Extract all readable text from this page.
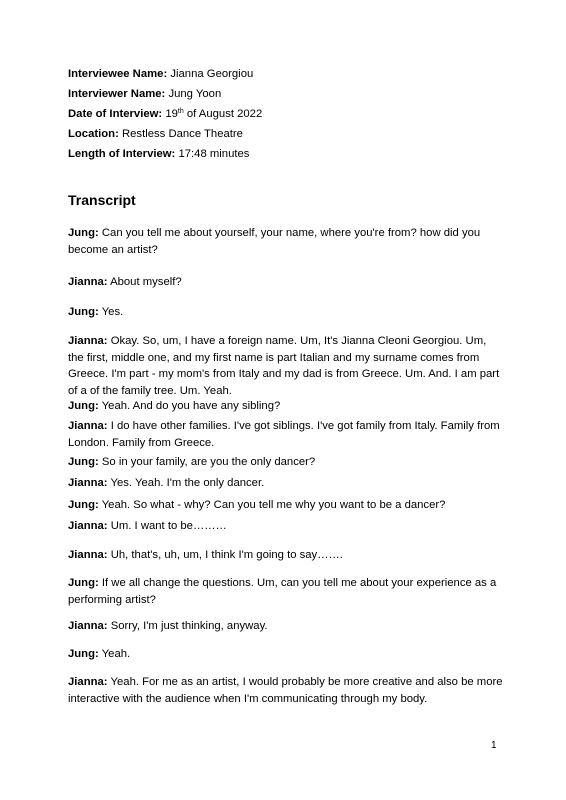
Interviewee Name: Jianna Georgiou
Interviewer Name: Jung Yoon
Date of Interview: 19th of August 2022
Location: Restless Dance Theatre
Length of Interview: 17:48 minutes
Transcript
Jung: Can you tell me about yourself, your name, where you're from? how did you become an artist?
Jianna: About myself?
Jung: Yes.
Jianna: Okay. So, um, I have a foreign name. Um, It's Jianna Cleoni Georgiou. Um, the first, middle one, and my first name is part Italian and my surname comes from Greece. I'm part - my mom's from Italy and my dad is from Greece. Um. And. I am part of a of the family tree. Um. Yeah.
Jung: Yeah. And do you have any sibling?
Jianna: I do have other families. I've got siblings. I've got family from Italy. Family from London. Family from Greece.
Jung: So in your family, are you the only dancer?
Jianna: Yes. Yeah. I'm the only dancer.
Jung: Yeah. So what - why? Can you tell me why you want to be a dancer?
Jianna: Um. I want to be………
Jianna: Uh, that's, uh, um, I think I'm going to say…….
Jung: If we all change the questions. Um, can you tell me about your experience as a performing artist?
Jianna: Sorry, I'm just thinking, anyway.
Jung: Yeah.
Jianna: Yeah. For me as an artist, I would probably be more creative and also be more interactive with the audience when I'm communicating through my body.
1
